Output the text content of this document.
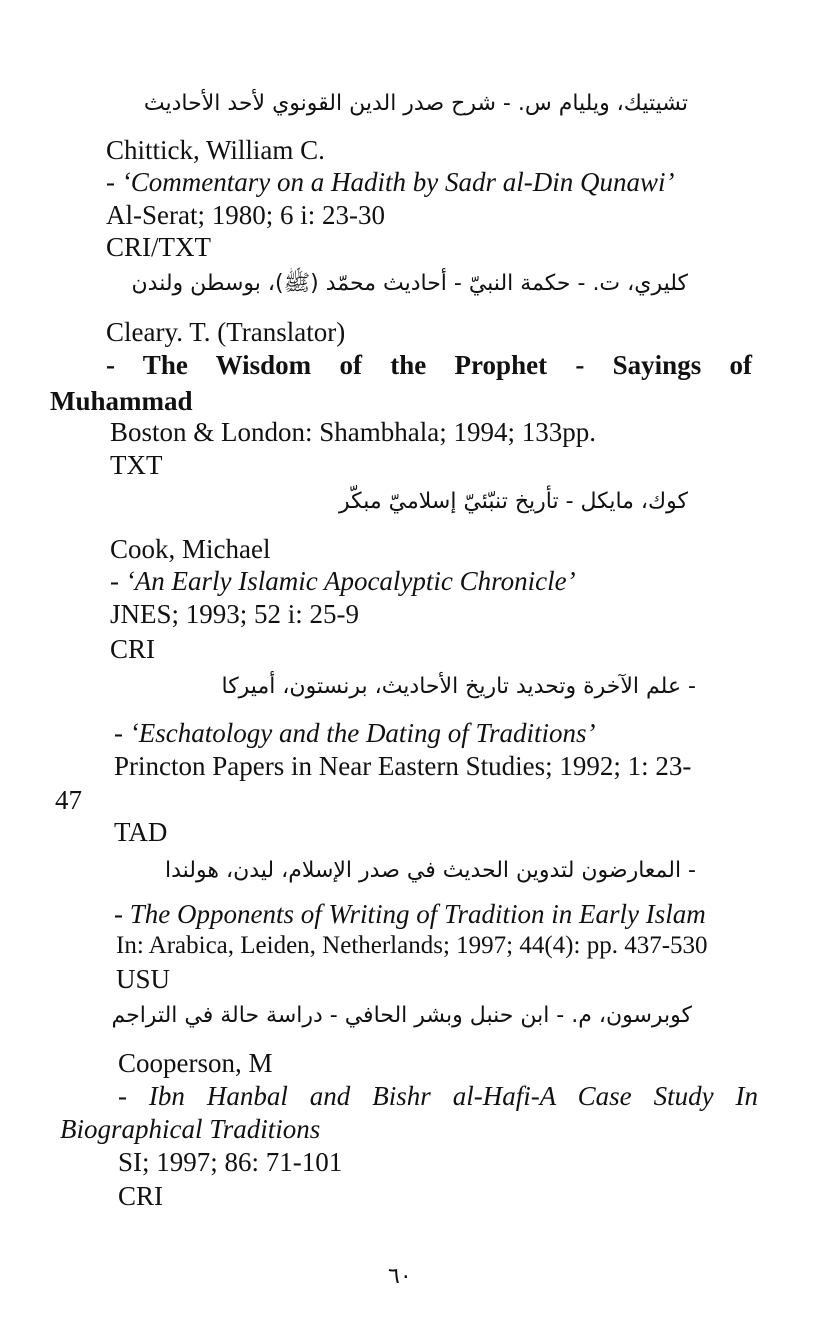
تشيتيك، ويليام س. - شرح صدر الدين القونوي لأحد الأحاديث
Chittick, William C.
- ‘Commentary on a Hadith by Sadr al-Din Qunawi’
Al-Serat; 1980; 6 i: 23-30
CRI/TXT
كليري، ت. - حكمة النبيّ - أحاديث محمّد (ﷺ)، بوسطن ولندن
Cleary. T. (Translator)
- The Wisdom of the Prophet - Sayings of
Muhammad
Boston & London: Shambhala; 1994; 133pp.
TXT
كوك، مايكل - تأريخ تنبّئيّ إسلاميّ مبكّر
Cook, Michael
- ‘An Early Islamic Apocalyptic Chronicle’
JNES; 1993; 52 i: 25-9
CRI
- علم الآخرة وتحديد تاريخ الأحاديث، برنستون، أميركا
- ‘Eschatology and the Dating of Traditions’
Princton Papers in Near Eastern Studies; 1992; 1: 23-
47
TAD
- المعارضون لتدوين الحديث في صدر الإسلام، ليدن، هولندا
- The Opponents of Writing of Tradition in Early Islam
In: Arabica, Leiden, Netherlands; 1997; 44(4): pp. 437-530
USU
كوبرسون، م. - ابن حنبل وبشر الحافي - دراسة حالة في التراجم
Cooperson, M
- Ibn Hanbal and Bishr al-Hafi-A Case Study In
Biographical Traditions
SI; 1997; 86: 71-101
CRI
٦٠
